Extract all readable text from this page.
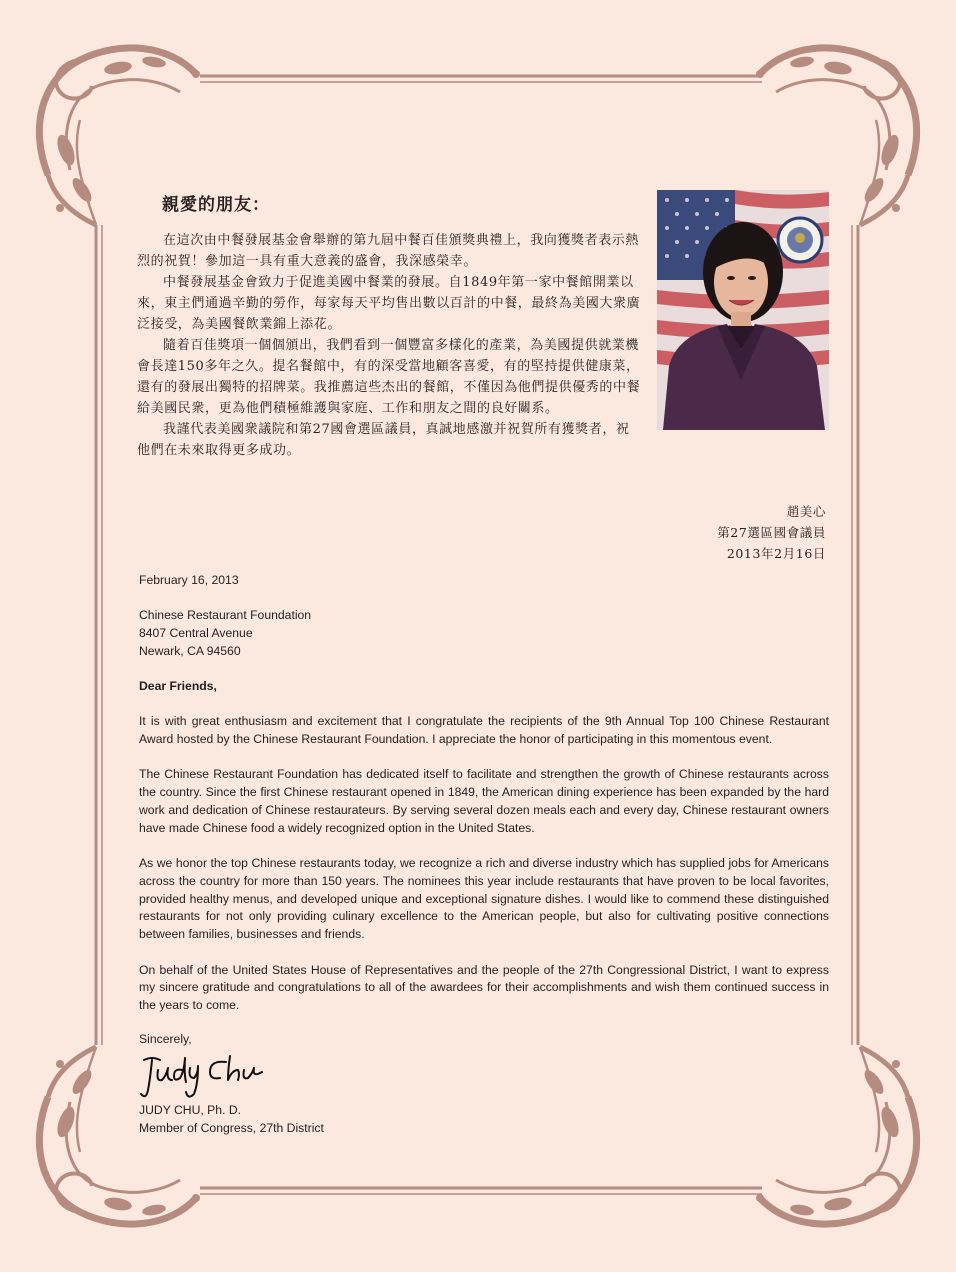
親愛的朋友：

在這次由中餐發展基金會舉辦的第九屆中餐百佳頒獎典禮上，我向獲獎者表示熱烈的祝賀！參加這一具有重大意義的盛會，我深感榮幸。

中餐發展基金會致力于促進美國中餐業的發展。自1849年第一家中餐館開業以來，東主們通過辛勤的勞作，每家每天平均售出數以百計的中餐，最終為美國大衆廣泛接受，為美國餐飲業錦上添花。

隨着百佳獎項一個個頒出，我們看到一個豐富多樣化的產業，為美國提供就業機會長達150多年之久。提名餐館中，有的深受當地顧客喜愛，有的堅持提供健康菜，還有的發展出獨特的招牌菜。我推薦這些杰出的餐館，不僅因為他們提供優秀的中餐給美國民衆，更為他們積極維護與家庭、工作和朋友之間的良好關系。

我謹代表美國衆議院和第27國會選區議員，真誠地感激并祝賀所有獲獎者，祝他們在未來取得更多成功。

趙美心
第27選區國會議員
2013年2月16日
February 16, 2013

Chinese Restaurant Foundation

8407 Central Avenue

Newark, CA 94560

Dear Friends,

It is with great enthusiasm and excitement that I congratulate the recipients of the 9th Annual Top 100 Chinese Restaurant Award hosted by the Chinese Restaurant Foundation. I appreciate the honor of participating in this momentous event.

The Chinese Restaurant Foundation has dedicated itself to facilitate and strengthen the growth of Chinese restaurants across the country. Since the first Chinese restaurant opened in 1849, the American dining experience has been expanded by the hard work and dedication of Chinese restaurateurs. By serving several dozen meals each and every day, Chinese restaurant owners have made Chinese food a widely recognized option in the United States.

As we honor the top Chinese restaurants today, we recognize a rich and diverse industry which has supplied jobs for Americans across the country for more than 150 years. The nominees this year include restaurants that have proven to be local favorites, provided healthy menus, and developed unique and exceptional signature dishes. I would like to commend these distinguished restaurants for not only providing culinary excellence to the American people, but also for cultivating positive connections between families, businesses and friends.

On behalf of the United States House of Representatives and the people of the 27th Congressional District, I want to express my sincere gratitude and congratulations to all of the awardees for their accomplishments and wish them continued success in the years to come.

Sincerely,

JUDY CHU, Ph. D.

Member of Congress, 27th District
